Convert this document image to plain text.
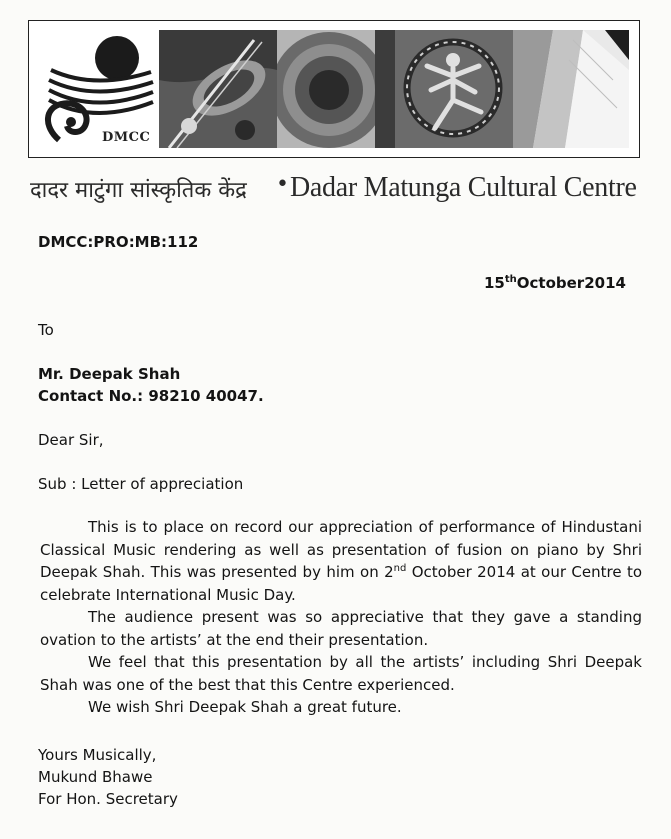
DMCC
दादर माटुंगा सांस्कृतिक केंद्र • Dadar Matunga Cultural Centre
DMCC:PRO:MB:112
15thOctober2014
To
Mr. Deepak Shah
Contact No.: 98210 40047.
Dear Sir,
Sub : Letter of appreciation
This is to place on record our appreciation of performance of Hindustani Classical Music rendering as well as presentation of fusion on piano by Shri Deepak Shah. This was presented by him on 2nd October 2014 at our Centre to celebrate International Music Day.
The audience present was so appreciative that they gave a standing ovation to the artists’ at the end their presentation.
We feel that this presentation by all the artists’ including Shri Deepak Shah was one of the best that this Centre experienced.
We wish Shri Deepak Shah a great future.
Yours Musically,
Mukund Bhawe
For Hon. Secretary
